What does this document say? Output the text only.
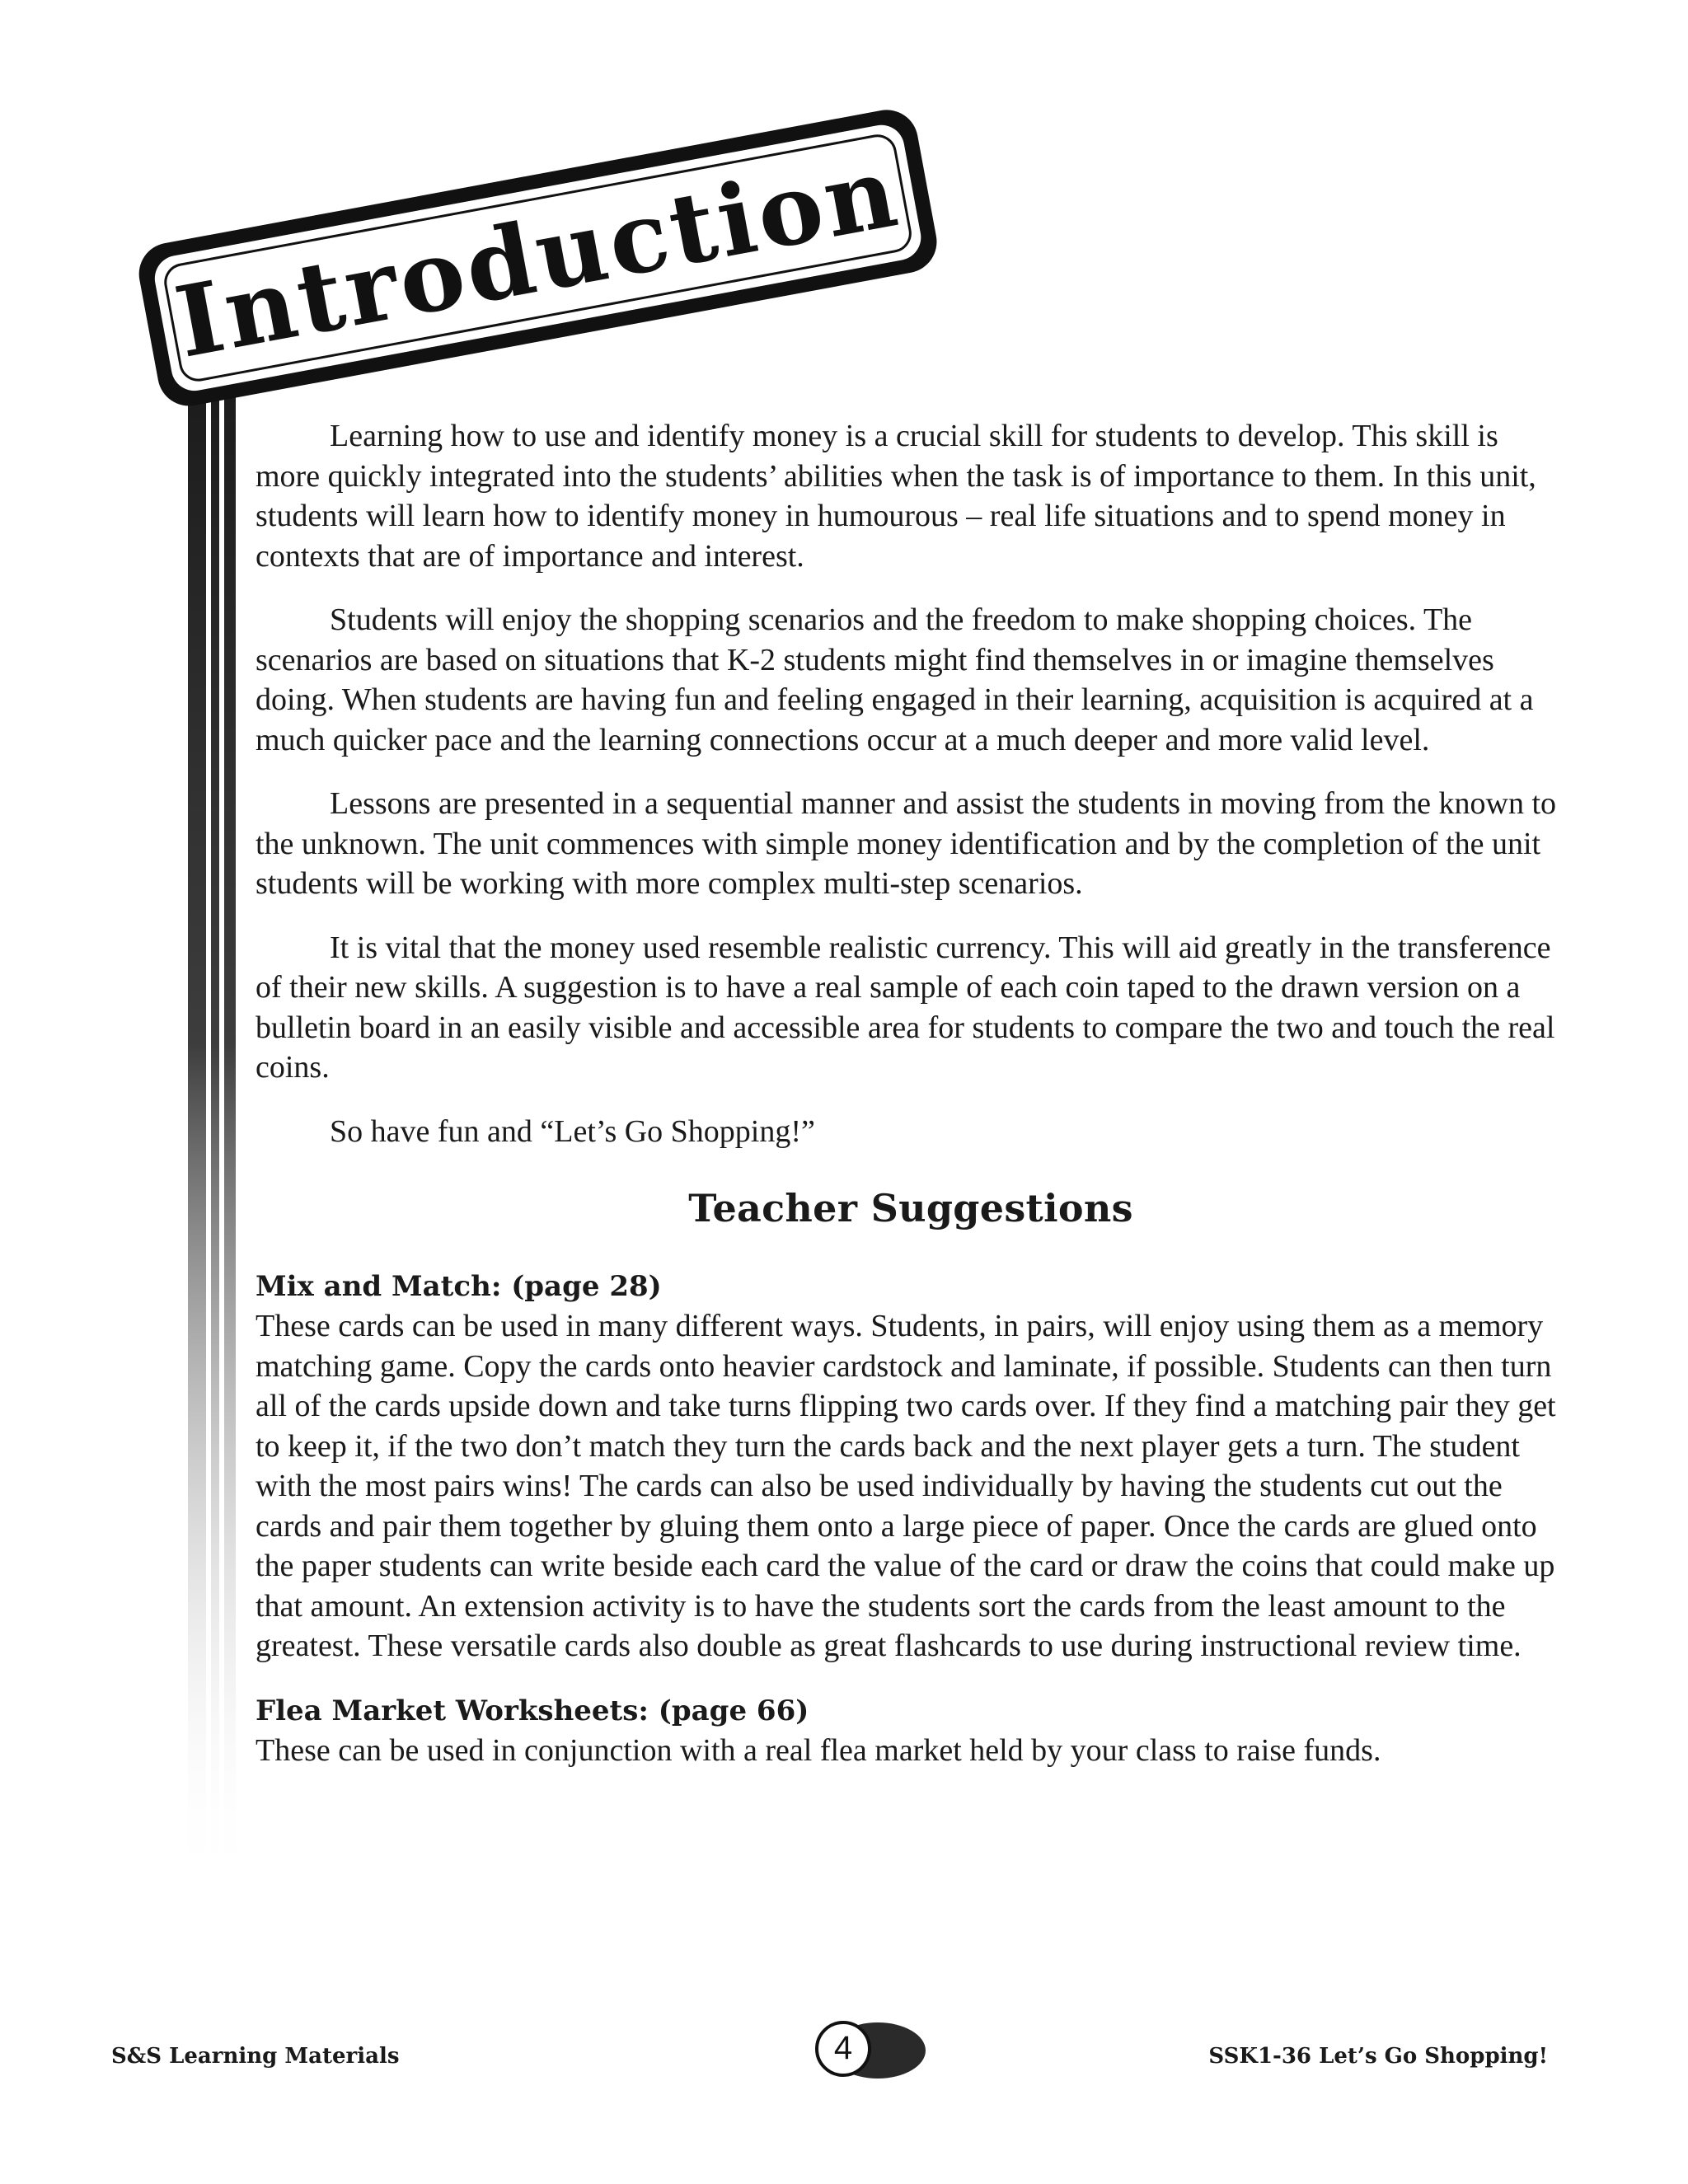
Introduction

Learning how to use and identify money is a crucial skill for students to develop. This skill is more quickly integrated into the students’ abilities when the task is of importance to them. In this unit, students will learn how to identify money in humourous – real life situations and to spend money in contexts that are of importance and interest.

Students will enjoy the shopping scenarios and the freedom to make shopping choices. The scenarios are based on situations that K-2 students might find themselves in or imagine themselves doing. When students are having fun and feeling engaged in their learning, acquisition is acquired at a much quicker pace and the learning connections occur at a much deeper and more valid level.

Lessons are presented in a sequential manner and assist the students in moving from the known to the unknown. The unit commences with simple money identification and by the completion of the unit students will be working with more complex multi-step scenarios.

It is vital that the money used resemble realistic currency. This will aid greatly in the transference of their new skills. A suggestion is to have a real sample of each coin taped to the drawn version on a bulletin board in an easily visible and accessible area for students to compare the two and touch the real coins.

So have fun and “Let’s Go Shopping!”

Teacher Suggestions

Mix and Match: (page 28)

These cards can be used in many different ways. Students, in pairs, will enjoy using them as a memory matching game. Copy the cards onto heavier cardstock and laminate, if possible. Students can then turn all of the cards upside down and take turns flipping two cards over. If they find a matching pair they get to keep it, if the two don’t match they turn the cards back and the next player gets a turn. The student with the most pairs wins! The cards can also be used individually by having the students cut out the cards and pair them together by gluing them onto a large piece of paper. Once the cards are glued onto the paper students can write beside each card the value of the card or draw the coins that could make up that amount. An extension activity is to have the students sort the cards from the least amount to the greatest. These versatile cards also double as great flashcards to use during instructional review time.

Flea Market Worksheets: (page 66)

These can be used in conjunction with a real flea market held by your class to raise funds.

S&S Learning Materials	4	SSK1-36 Let’s Go Shopping!
